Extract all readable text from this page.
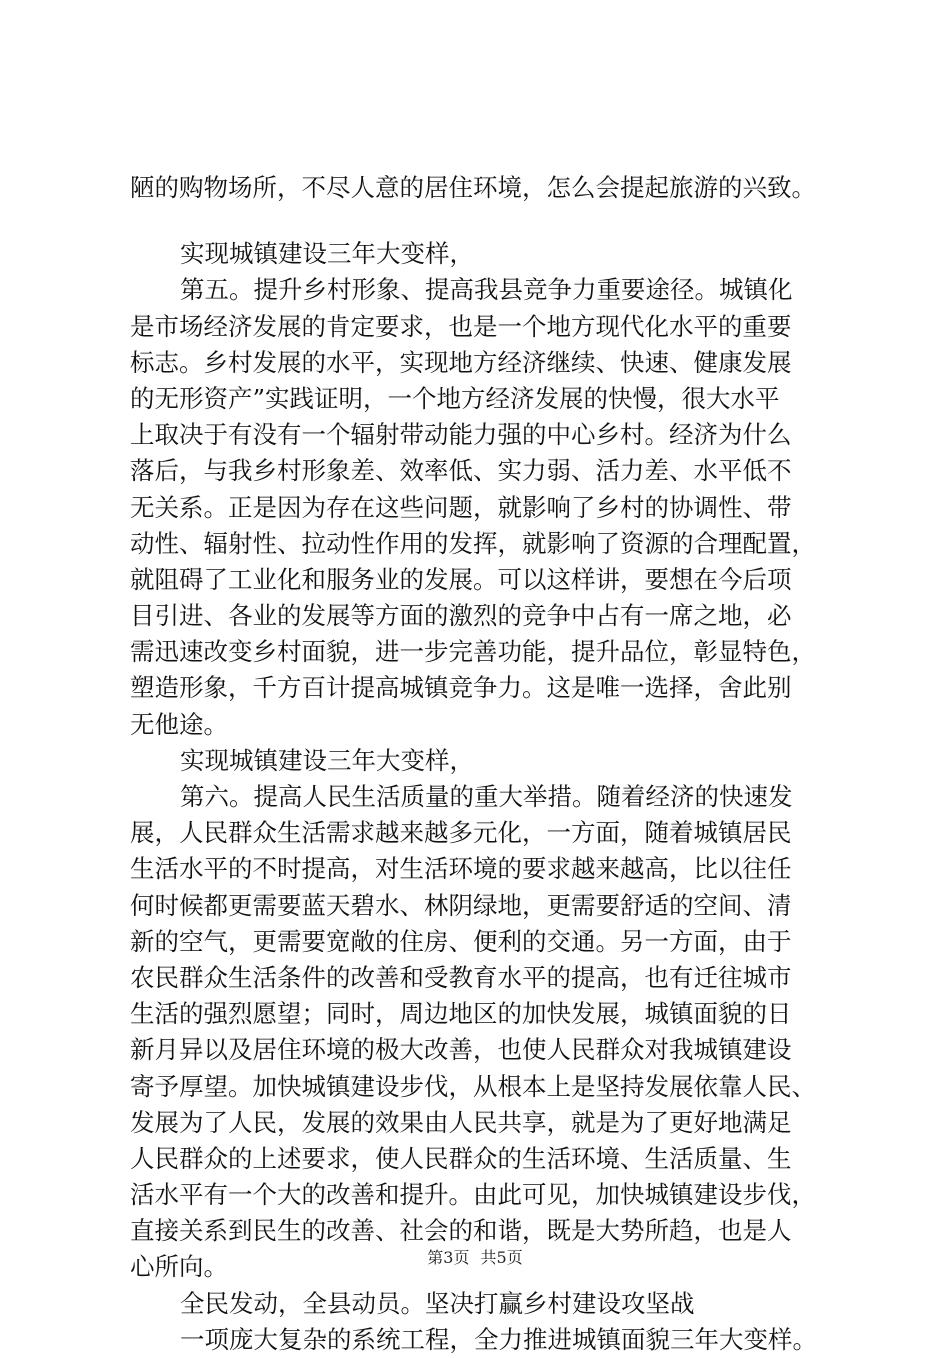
陋的购物场所，不尽人意的居住环境，怎么会提起旅游的兴致。
实现城镇建设三年大变样，
第五。提升乡村形象、提高我县竞争力重要途径。城镇化
是市场经济发展的肯定要求，也是一个地方现代化水平的重要
标志。乡村发展的水平，实现地方经济继续、快速、健康发展
的无形资产”实践证明，一个地方经济发展的快慢，很大水平
上取决于有没有一个辐射带动能力强的中心乡村。经济为什么
落后，与我乡村形象差、效率低、实力弱、活力差、水平低不
无关系。正是因为存在这些问题，就影响了乡村的协调性、带
动性、辐射性、拉动性作用的发挥，就影响了资源的合理配置，
就阻碍了工业化和服务业的发展。可以这样讲，要想在今后项
目引进、各业的发展等方面的激烈的竞争中占有一席之地，必
需迅速改变乡村面貌，进一步完善功能，提升品位，彰显特色，
塑造形象，千方百计提高城镇竞争力。这是唯一选择，舍此别
无他途。
实现城镇建设三年大变样，
第六。提高人民生活质量的重大举措。随着经济的快速发
展，人民群众生活需求越来越多元化，一方面，随着城镇居民
生活水平的不时提高，对生活环境的要求越来越高，比以往任
何时候都更需要蓝天碧水、林阴绿地，更需要舒适的空间、清
新的空气，更需要宽敞的住房、便利的交通。另一方面，由于
农民群众生活条件的改善和受教育水平的提高，也有迁往城市
生活的强烈愿望；同时，周边地区的加快发展，城镇面貌的日
新月异以及居住环境的极大改善，也使人民群众对我城镇建设
寄予厚望。加快城镇建设步伐，从根本上是坚持发展依靠人民、
发展为了人民，发展的效果由人民共享，就是为了更好地满足
人民群众的上述要求，使人民群众的生活环境、生活质量、生
活水平有一个大的改善和提升。由此可见，加快城镇建设步伐，
直接关系到民生的改善、社会的和谐，既是大势所趋，也是人
心所向。
全民发动，全县动员。坚决打赢乡村建设攻坚战
一项庞大复杂的系统工程，全力推进城镇面貌三年大变样。
第3页 共5页
